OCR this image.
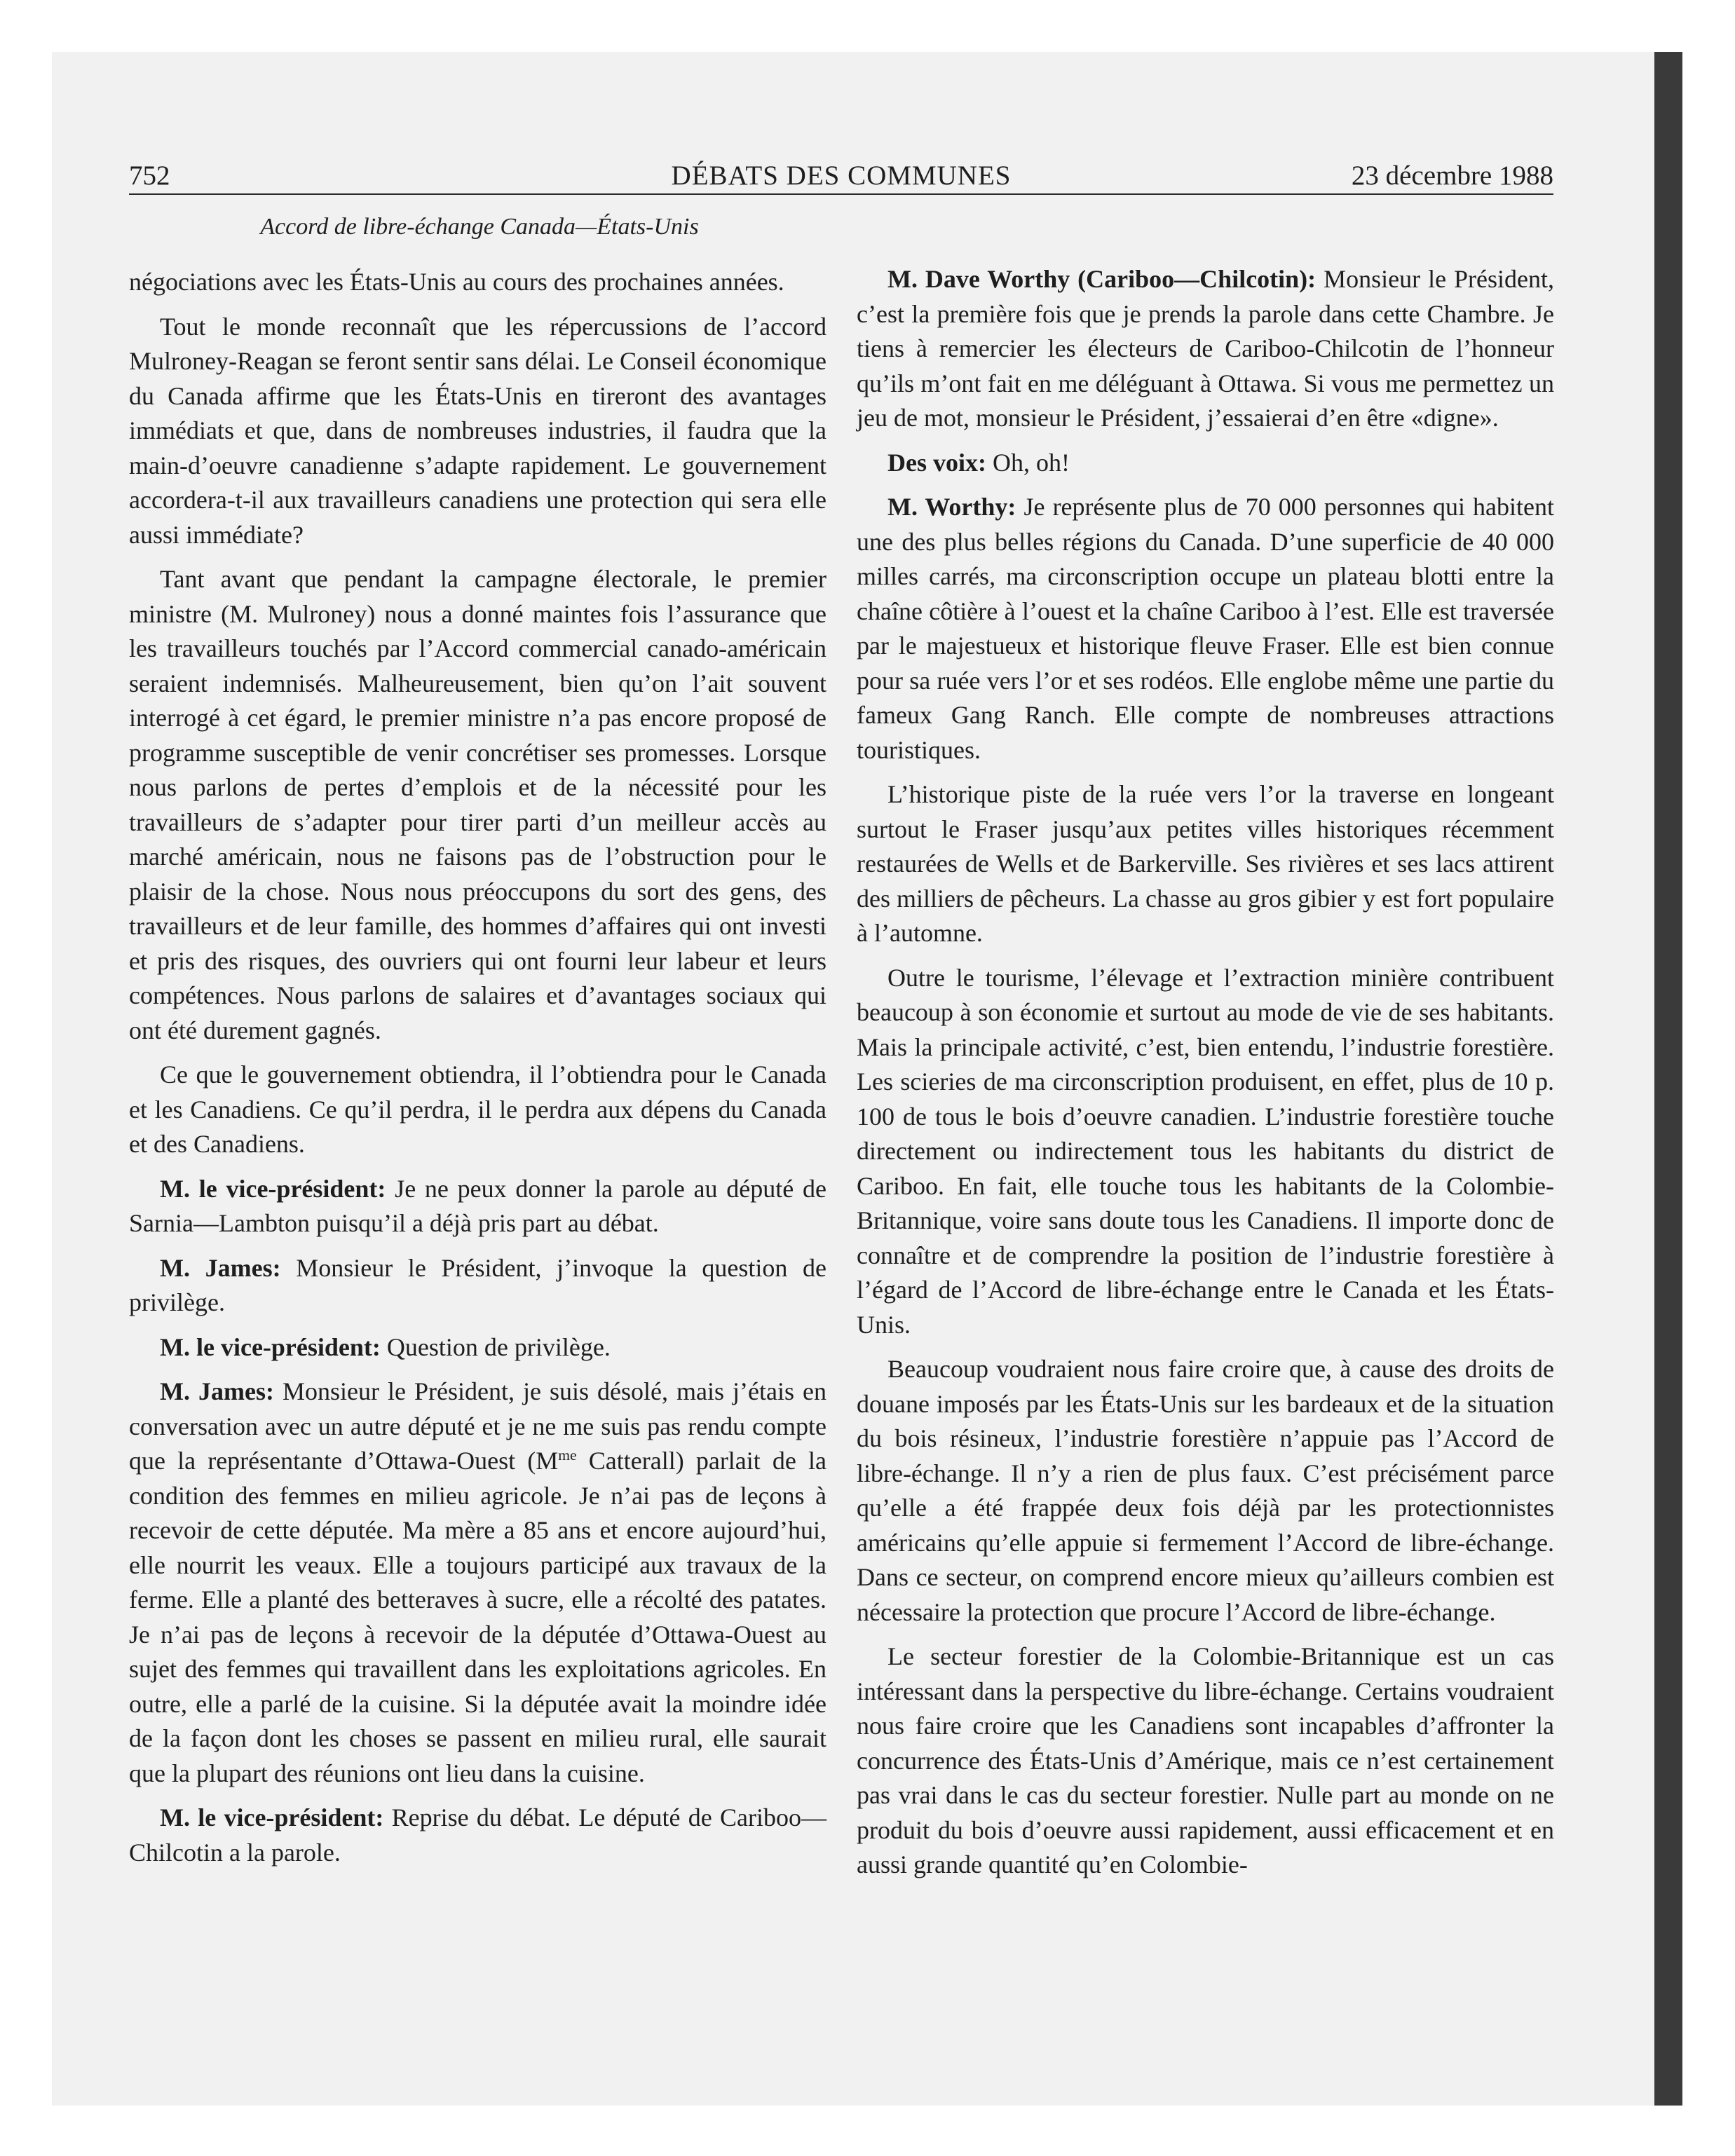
752	DÉBATS DES COMMUNES	23 décembre 1988
Accord de libre-échange Canada—États-Unis

négociations avec les États-Unis au cours des prochaines années.

Tout le monde reconnaît que les répercussions de l’accord Mulroney-Reagan se feront sentir sans délai. Le Conseil économique du Canada affirme que les États-Unis en tireront des avantages immédiats et que, dans de nombreuses industries, il faudra que la main-d’oeuvre canadienne s’adapte rapidement. Le gouvernement accordera-t-il aux travailleurs canadiens une protection qui sera elle aussi immédiate?

Tant avant que pendant la campagne électorale, le premier ministre (M. Mulroney) nous a donné maintes fois l’assurance que les travailleurs touchés par l’Accord commercial canado-américain seraient indemnisés. Malheureusement, bien qu’on l’ait souvent interrogé à cet égard, le premier ministre n’a pas encore proposé de programme susceptible de venir concrétiser ses promesses. Lorsque nous parlons de pertes d’emplois et de la nécessité pour les travailleurs de s’adapter pour tirer parti d’un meilleur accès au marché américain, nous ne faisons pas de l’obstruction pour le plaisir de la chose. Nous nous préoccupons du sort des gens, des travailleurs et de leur famille, des hommes d’affaires qui ont investi et pris des risques, des ouvriers qui ont fourni leur labeur et leurs compétences. Nous parlons de salaires et d’avantages sociaux qui ont été durement gagnés.

Ce que le gouvernement obtiendra, il l’obtiendra pour le Canada et les Canadiens. Ce qu’il perdra, il le perdra aux dépens du Canada et des Canadiens.

M. le vice-président: Je ne peux donner la parole au député de Sarnia—Lambton puisqu’il a déjà pris part au débat.

M. James: Monsieur le Président, j’invoque la question de privilège.

M. le vice-président: Question de privilège.

M. James: Monsieur le Président, je suis désolé, mais j’étais en conversation avec un autre député et je ne me suis pas rendu compte que la représentante d’Ottawa-Ouest ($M^{me}$ Catterall) parlait de la condition des femmes en milieu agricole. Je n’ai pas de leçons à recevoir de cette députée. Ma mère a 85 ans et encore aujourd’hui, elle nourrit les veaux. Elle a toujours participé aux travaux de la ferme. Elle a planté des betteraves à sucre, elle a récolté des patates. Je n’ai pas de leçons à recevoir de la députée d’Ottawa-Ouest au sujet des femmes qui travaillent dans les exploitations agricoles. En outre, elle a parlé de la cuisine. Si la députée avait la moindre idée de la façon dont les choses se passent en milieu rural, elle saurait que la plupart des réunions ont lieu dans la cuisine.

M. le vice-président: Reprise du débat. Le député de Cariboo—Chilcotin a la parole.

M. Dave Worthy (Cariboo—Chilcotin): Monsieur le Président, c’est la première fois que je prends la parole dans cette Chambre. Je tiens à remercier les électeurs de Cariboo-Chilcotin de l’honneur qu’ils m’ont fait en me déléguant à Ottawa. Si vous me permettez un jeu de mot, monsieur le Président, j’essaierai d’en être «digne».

Des voix: Oh, oh!

M. Worthy: Je représente plus de 70 000 personnes qui habitent une des plus belles régions du Canada. D’une superficie de 40 000 milles carrés, ma circonscription occupe un plateau blotti entre la chaîne côtière à l’ouest et la chaîne Cariboo à l’est. Elle est traversée par le majestueux et historique fleuve Fraser. Elle est bien connue pour sa ruée vers l’or et ses rodéos. Elle englobe même une partie du fameux Gang Ranch. Elle compte de nombreuses attractions touristiques.

L’historique piste de la ruée vers l’or la traverse en longeant surtout le Fraser jusqu’aux petites villes historiques récemment restaurées de Wells et de Barkerville. Ses rivières et ses lacs attirent des milliers de pêcheurs. La chasse au gros gibier y est fort populaire à l’automne.

Outre le tourisme, l’élevage et l’extraction minière contribuent beaucoup à son économie et surtout au mode de vie de ses habitants. Mais la principale activité, c’est, bien entendu, l’industrie forestière. Les scieries de ma circonscription produisent, en effet, plus de 10 p. 100 de tous le bois d’oeuvre canadien. L’industrie forestière touche directement ou indirectement tous les habitants du district de Cariboo. En fait, elle touche tous les habitants de la Colombie-Britannique, voire sans doute tous les Canadiens. Il importe donc de connaître et de comprendre la position de l’industrie forestière à l’égard de l’Accord de libre-échange entre le Canada et les États-Unis.

Beaucoup voudraient nous faire croire que, à cause des droits de douane imposés par les États-Unis sur les bardeaux et de la situation du bois résineux, l’industrie forestière n’appuie pas l’Accord de libre-échange. Il n’y a rien de plus faux. C’est précisément parce qu’elle a été frappée deux fois déjà par les protectionnistes américains qu’elle appuie si fermement l’Accord de libre-échange. Dans ce secteur, on comprend encore mieux qu’ailleurs combien est nécessaire la protection que procure l’Accord de libre-échange.

Le secteur forestier de la Colombie-Britannique est un cas intéressant dans la perspective du libre-échange. Certains voudraient nous faire croire que les Canadiens sont incapables d’affronter la concurrence des États-Unis d’Amérique, mais ce n’est certainement pas vrai dans le cas du secteur forestier. Nulle part au monde on ne produit du bois d’oeuvre aussi rapidement, aussi efficacement et en aussi grande quantité qu’en Colombie-
